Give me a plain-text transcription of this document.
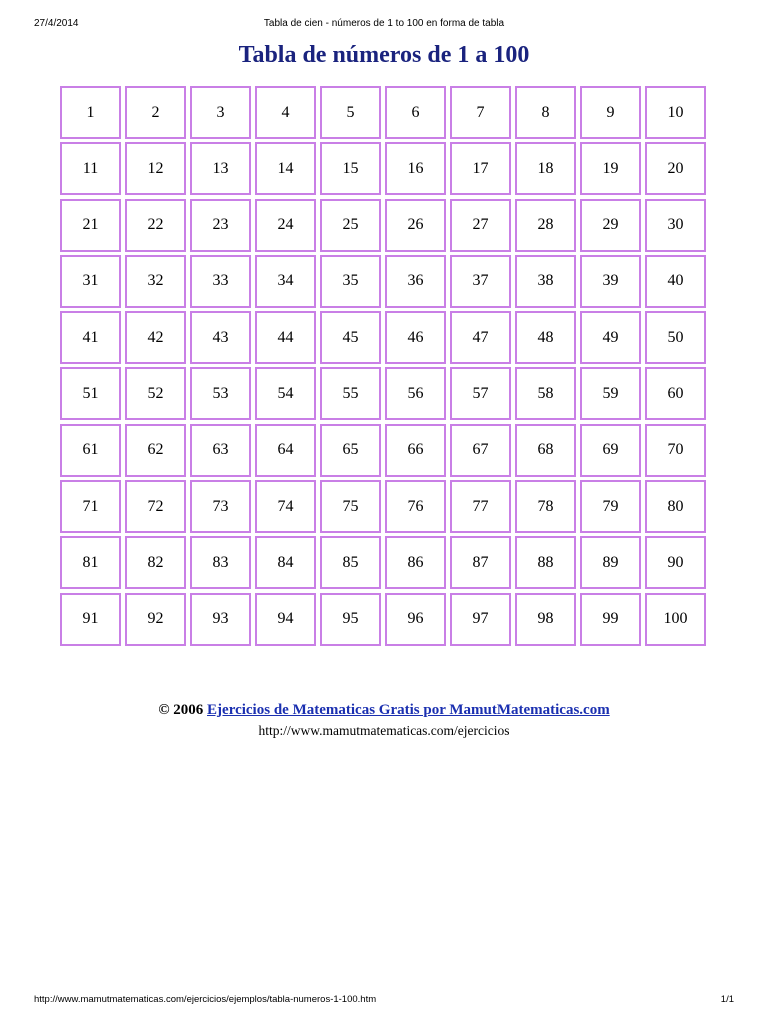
27/4/2014	Tabla de cien - números de 1 to 100 en forma de tabla
Tabla de números de 1 a 100
1	2	3	4	5	6	7	8	9	10
11	12	13	14	15	16	17	18	19	20
21	22	23	24	25	26	27	28	29	30
31	32	33	34	35	36	37	38	39	40
41	42	43	44	45	46	47	48	49	50
51	52	53	54	55	56	57	58	59	60
61	62	63	64	65	66	67	68	69	70
71	72	73	74	75	76	77	78	79	80
81	82	83	84	85	86	87	88	89	90
91	92	93	94	95	96	97	98	99	100
© 2006 Ejercicios de Matematicas Gratis por MamutMatematicas.com
http://www.mamutmatematicas.com/ejercicios
http://www.mamutmatematicas.com/ejercicios/ejemplos/tabla-numeros-1-100.htm	1/1
